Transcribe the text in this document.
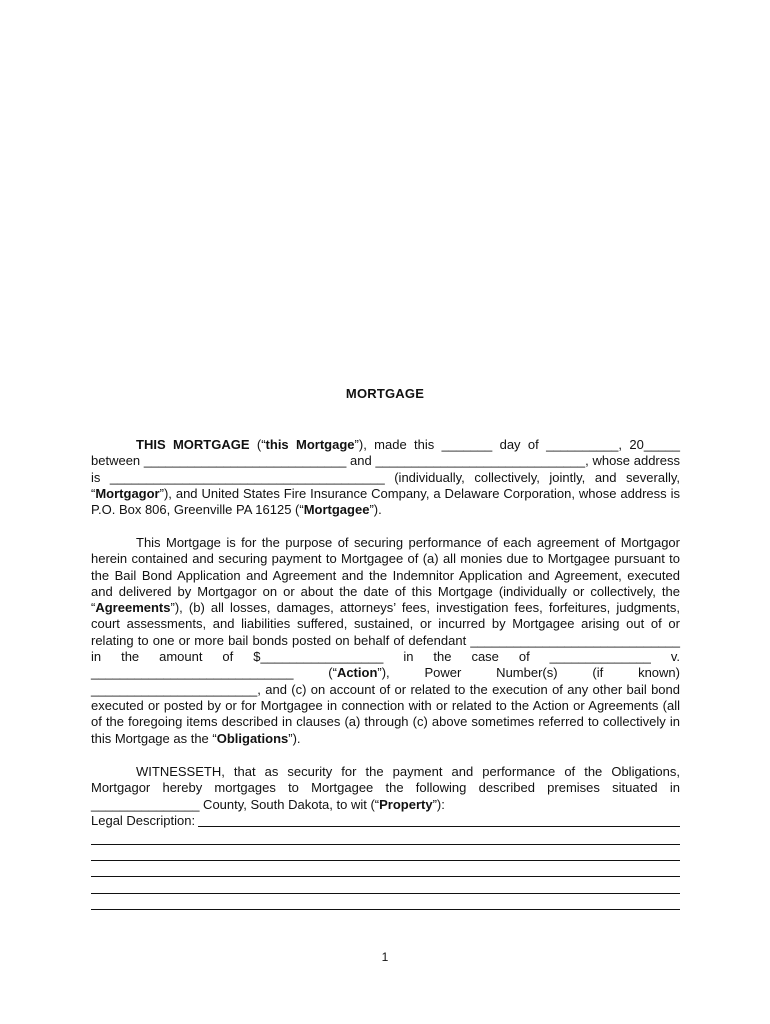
MORTGAGE

THIS MORTGAGE (“this Mortgage”), made this _______ day of __________, 20_____ between ____________________________ and _____________________________, whose address is ______________________________________ (individually, collectively, jointly, and severally, “Mortgagor”), and United States Fire Insurance Company, a Delaware Corporation, whose address is P.O. Box 806, Greenville PA 16125 (“Mortgagee”).

This Mortgage is for the purpose of securing performance of each agreement of Mortgagor herein contained and securing payment to Mortgagee of (a) all monies due to Mortgagee pursuant to the Bail Bond Application and Agreement and the Indemnitor Application and Agreement, executed and delivered by Mortgagor on or about the date of this Mortgage (individually or collectively, the “Agreements”), (b) all losses, damages, attorneys’ fees, investigation fees, forfeitures, judgments, court assessments, and liabilities suffered, sustained, or incurred by Mortgagee arising out of or relating to one or more bail bonds posted on behalf of defendant _____________________________ in the amount of $_________________ in the case of ______________ v. ____________________________ (“Action”), Power Number(s) (if known) _______________________, and (c) on account of or related to the execution of any other bail bond executed or posted by or for Mortgagee in connection with or related to the Action or Agreements (all of the foregoing items described in clauses (a) through (c) above sometimes referred to collectively in this Mortgage as the “Obligations”).

WITNESSETH, that as security for the payment and performance of the Obligations, Mortgagor hereby mortgages to Mortgagee the following described premises situated in _______________ County, South Dakota, to wit (“Property”):

Legal Description:
1
